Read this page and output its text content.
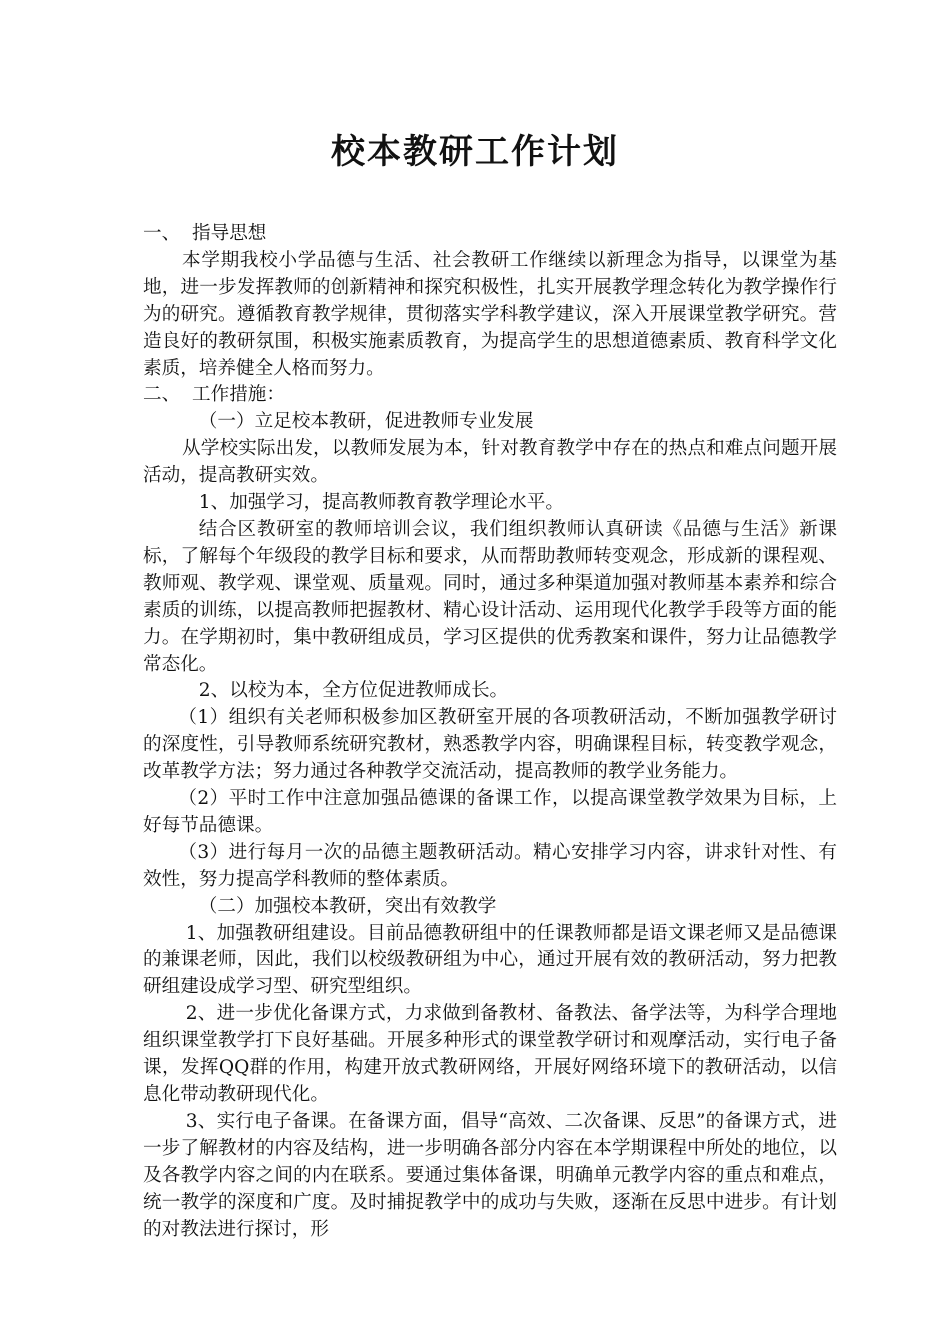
校本教研工作计划

一、  指导思想

本学期我校小学品德与生活、社会教研工作继续以新理念为指导，以课堂为基地，进一步发挥教师的创新精神和探究积极性，扎实开展教学理念转化为教学操作行为的研究。遵循教育教学规律，贯彻落实学科教学建议，深入开展课堂教学研究。营造良好的教研氛围，积极实施素质教育，为提高学生的思想道德素质、教育科学文化素质，培养健全人格而努力。

二、  工作措施：

（一）立足校本教研，促进教师专业发展

从学校实际出发，以教师发展为本，针对教育教学中存在的热点和难点问题开展活动，提高教研实效。

1、加强学习，提高教师教育教学理论水平。

结合区教研室的教师培训会议，我们组织教师认真研读《品德与生活》新课标，了解每个年级段的教学目标和要求，从而帮助教师转变观念，形成新的课程观、教师观、教学观、课堂观、质量观。同时，通过多种渠道加强对教师基本素养和综合素质的训练，以提高教师把握教材、精心设计活动、运用现代化教学手段等方面的能力。在学期初时，集中教研组成员，学习区提供的优秀教案和课件，努力让品德教学常态化。

2、以校为本，全方位促进教师成长。

（1）组织有关老师积极参加区教研室开展的各项教研活动，不断加强教学研讨的深度性，引导教师系统研究教材，熟悉教学内容，明确课程目标，转变教学观念，改革教学方法；努力通过各种教学交流活动，提高教师的教学业务能力。

（2）平时工作中注意加强品德课的备课工作，以提高课堂教学效果为目标，上好每节品德课。

（3）进行每月一次的品德主题教研活动。精心安排学习内容，讲求针对性、有效性，努力提高学科教师的整体素质。

（二）加强校本教研，突出有效教学

1、加强教研组建设。目前品德教研组中的任课教师都是语文课老师又是品德课的兼课老师，因此，我们以校级教研组为中心，通过开展有效的教研活动，努力把教研组建设成学习型、研究型组织。

2、进一步优化备课方式，力求做到备教材、备教法、备学法等，为科学合理地组织课堂教学打下良好基础。开展多种形式的课堂教学研讨和观摩活动，实行电子备课，发挥QQ群的作用，构建开放式教研网络，开展好网络环境下的教研活动，以信息化带动教研现代化。

3、实行电子备课。在备课方面，倡导“高效、二次备课、反思”的备课方式，进一步了解教材的内容及结构，进一步明确各部分内容在本学期课程中所处的地位，以及各教学内容之间的内在联系。要通过集体备课，明确单元教学内容的重点和难点，统一教学的深度和广度。及时捕捉教学中的成功与失败，逐渐在反思中进步。有计划的对教法进行探讨，形
